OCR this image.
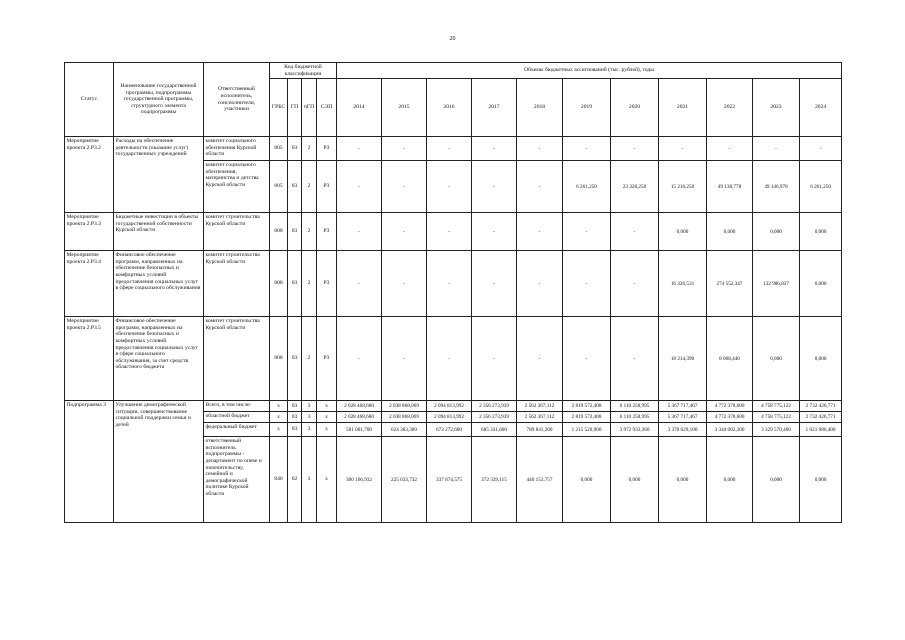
20
Статус	Наименование государственной программы, подпрограммы государственной программы, структурного элемента подпрограммы	Ответственный исполнитель, соисполнители, участники	Код бюджетной классификации				Объемы бюджетных ассигнований (тыс. рублей), годы										
			ГРБС	ГП	пГП	СЭП	2014	2015	2016	2017	2018	2019	2020	2021	2022	2023	2024
Мероприятие проекта 2.Р3.2	Расходы на обеспечение деятельности (оказание услуг) государственных учреждений	комитет социального обеспечения Курской области	805	03	2	Р3	-	-	-	-	-	-	-	-	-	-	-
		комитет социального обеспечения, материнства и детства Курской области	805	03	2	Р3	-	-	-	-	-	6 261,250	23 328,250	15 216,250	49 138,778	49 146,978	6 261,250
Мероприятие проекта 2.Р3.3	Бюджетные инвестиции в объекты государственной собственности Курской области	комитет строительства Курской области	808	03	2	Р3	-	-	-	-	-	-	-	0,000	0,000	0,000	0,000
Мероприятие проекта 2.Р3.4	Финансовое обеспечение программ, направленных на обеспечение безопасных и комфортных условий предоставления социальных услуг в сфере социального обслуживания	комитет строительства Курской области	808	03	2	Р3	-	-	-	-	-	-	-	16 326,531	274 552,347	132 986,837	0,000
Мероприятие проекта 2.Р3.5	Финансовое обеспечение программ, направленных на обеспечение безопасных и комфортных условий предоставления социальных услуг в сфере социального обслуживания, за счет средств областного бюджета	комитет строительства Курской области	808	03	2	Р3	-	-	-	-	-	-	-	18 214,390	8 068,440	0,000	0,000
Подпрограмма 3	Улучшение демографической ситуации, совершенствование социальной поддержки семьи и детей	Всего, в том числе:	x	03	3	x	2 028 468,680	2 038 868,069	2 094 813,992	2 356 273,939	2 562 367,112	2 819 572,408	6 110 258,995	5 367 717,467	4 772 378,600	4 758 775,122	2 732 426,771
		областной бюджет	x	03	3	x	2 028 468,680	2 038 868,069	2 094 813,992	2 356 273,939	2 562 367,112	2 819 572,408	6 110 258,995	5 367 717,467	4 772 378,600	4 758 775,122	2 732 426,771
		федеральный бюджет	x	03	3	x	581 001,700	624 383,300	673 272,600	685 331,600	789 841,200	1 215 520,900	3 972 933,360	3 370 629,100	3 344 002,300	3 329 570,400	1 021 986,400
		ответственный исполнитель подпрограммы - департамент по опеке и попечительству, семейной и демографической политике Курской области	840	02	3	x	300 166,932	225 033,732	337 874,575	372 339,115	440 151,757	0,000	0,000	0,000	0,000	0,000	0,000
